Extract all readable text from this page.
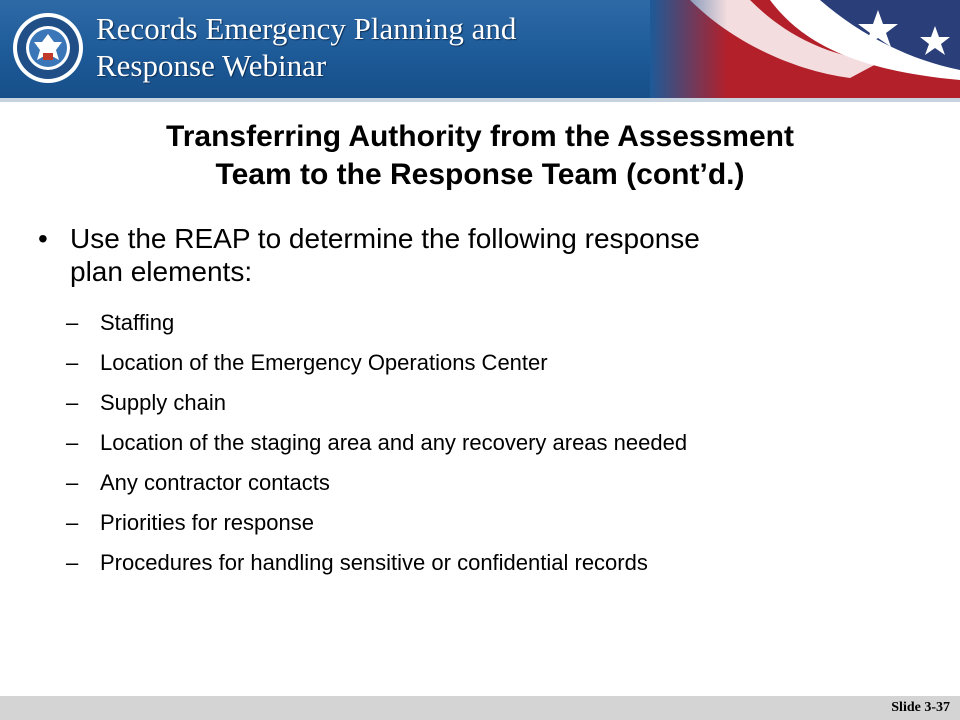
Records Emergency Planning and
Response Webinar
Transferring Authority from the Assessment
Team to the Response Team (cont’d.)
• Use the REAP to determine the following response
plan elements:
– Staffing
– Location of the Emergency Operations Center
– Supply chain
– Location of the staging area and any recovery areas needed
– Any contractor contacts
– Priorities for response
– Procedures for handling sensitive or confidential records
Slide 3-37
